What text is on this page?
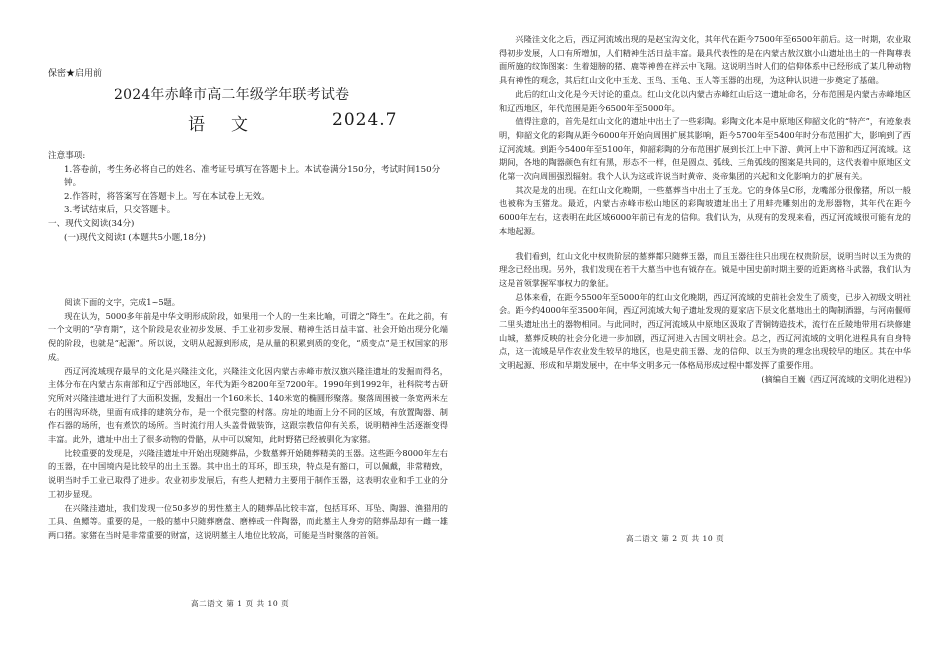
保密★启用前
2024年赤峰市高二年级学年联考试卷
语文	2024.7

注意事项:

1.答卷前，考生务必将自己的姓名、准考证号填写在答题卡上。本试卷满分150分，考试时间150分钟。

2.作答时，将答案写在答题卡上。写在本试卷上无效。

3.考试结束后，只交答题卡。

一、现代文阅读(34分)

(一)现代文阅读Ⅰ (本题共5小题,18分)

阅读下面的文字，完成1~5题。

现在认为，5000多年前是中华文明形成阶段，如果用一个人的一生来比喻，可谓之“降生”。在此之前，有一个文明的“孕育期”，这个阶段是农业初步发展、手工业初步发展、精神生活日益丰富、社会开始出现分化端倪的阶段，也就是“起源”。所以说，文明从起源到形成，是从量的积累到质的变化，“质变点”是王权国家的形成。

西辽河流域现存最早的文化是兴隆洼文化，兴隆洼文化因内蒙古赤峰市敖汉旗兴隆洼遗址的发掘而得名，主体分布在内蒙古东南部和辽宁西部地区，年代为距今8200年至7200年。1990年到1992年，社科院考古研究所对兴隆洼遗址进行了大面积发掘，发掘出一个160米长、140米宽的椭圆形聚落。聚落周围被一条宽两米左右的围沟环绕，里面有成排的建筑分布，是一个很完整的村落。房址的地面上分不同的区域，有放置陶器、制作石器的场所，也有煮饮的场所。当时流行用人头盖骨做装饰，这跟宗教信仰有关系，说明精神生活逐渐变得丰富。此外，遗址中出土了很多动物的骨骼，从中可以窥知，此时野猪已经被驯化为家猪。

比较重要的发现是，兴隆洼遗址中开始出现随葬品，少数墓葬开始随葬精美的玉器。这些距今8000年左右的玉器，在中国境内是比较早的出土玉器。其中出土的耳环，即玉玦，特点是有豁口，可以佩戴，非常精致，说明当时手工业已取得了进步。农业初步发展后，有些人把精力主要用于制作玉器，这表明农业和手工业的分工初步显现。

在兴隆洼遗址，我们发现一位50多岁的男性墓主人的随葬品比较丰富，包括耳环、耳坠、陶器、渔猎用的工具、鱼鳔等。重要的是，一般的墓中只随葬磨盘、磨棒或一件陶器，而此墓主人身旁的陪葬品却有一雌一雄两口猪。家猪在当时是非常重要的财富，这说明墓主人地位比较高，可能是当时聚落的首领。

高二语文 第 1 页 共 10 页

兴隆洼文化之后，西辽河流域出现的是赵宝沟文化，其年代在距今7500年至6500年前后。这一时期，农业取得初步发展，人口有所增加，人们精神生活日益丰富。最具代表性的是在内蒙古敖汉旗小山遗址出土的一件陶尊表面所施的纹饰图案：生着翅膀的猪、鹿等神兽在祥云中飞翔。这说明当时人们的信仰体系中已经形成了某几种动物具有神性的观念，其后红山文化中玉龙、玉鸟、玉龟、玉人等玉器的出现，为这种认识进一步奠定了基础。

此后的红山文化是今天讨论的重点。红山文化以内蒙古赤峰红山后这一遗址命名，分布范围是内蒙古赤峰地区和辽西地区，年代范围是距今6500年至5000年。

值得注意的，首先是红山文化的遗址中出土了一些彩陶。彩陶文化本是中原地区仰韶文化的“特产”，有迹象表明，仰韶文化的彩陶从距今6000年开始向周围扩展其影响，距今5700年至5400年时分布范围扩大，影响到了西辽河流域。到距今5400年至5100年，仰韶彩陶的分布范围扩展到长江上中下游、黄河上中下游和西辽河流域。这期间，各地的陶器颜色有红有黑，形态不一样，但是圆点、弧线、三角弧线的图案是共同的，这代表着中原地区文化第一次向周围强烈辐射。我个人认为这或许说当时黄帝、炎帝集团的兴起和文化影响力的扩展有关。

其次是龙的出现。在红山文化晚期，一些墓葬当中出土了玉龙。它的身体呈C形，龙嘴部分很像猪，所以一般也被称为玉猪龙。最近，内蒙古赤峰市松山地区的彩陶坡遗址出土了用蚌壳雕刻出的龙形器物，其年代在距今6000年左右，这表明在此区域6000年前已有龙的信仰。我们认为，从现有的发现来看，西辽河流域很可能有龙的本地起源。

我们看到，红山文化中权贵阶层的墓葬都只随葬玉器，而且玉器往往只出现在权贵阶层，说明当时以玉为贵的理念已经出现。另外，我们发现在若干大墓当中也有钺存在。钺是中国史前时期主要的近距离格斗武器，我们认为这是首领掌握军事权力的象征。

总体来看，在距今5500年至5000年的红山文化晚期，西辽河流域的史前社会发生了质变，已步入初级文明社会。距今约4000年至3500年间，西辽河流域大甸子遗址发现的夏家店下层文化墓地出土的陶制酒器，与河南偃师二里头遗址出土的器物相同。与此同时，西辽河流域从中原地区汲取了青铜铸造技术，流行在丘陵地带用石块修建山城，墓葬反映的社会分化进一步加剧，西辽河进入古国文明社会。总之，西辽河流域的文明化进程具有自身特点，这一流域是早作农业发生较早的地区，也是史前玉器、龙的信仰、以玉为贵的理念出现较早的地区。其在中华文明起源、形成和早期发展中，在中华文明多元一体格局形成过程中都发挥了重要作用。

(摘编自王巍《西辽河流域的文明化进程》)
高二语文 第 2 页 共 10 页
